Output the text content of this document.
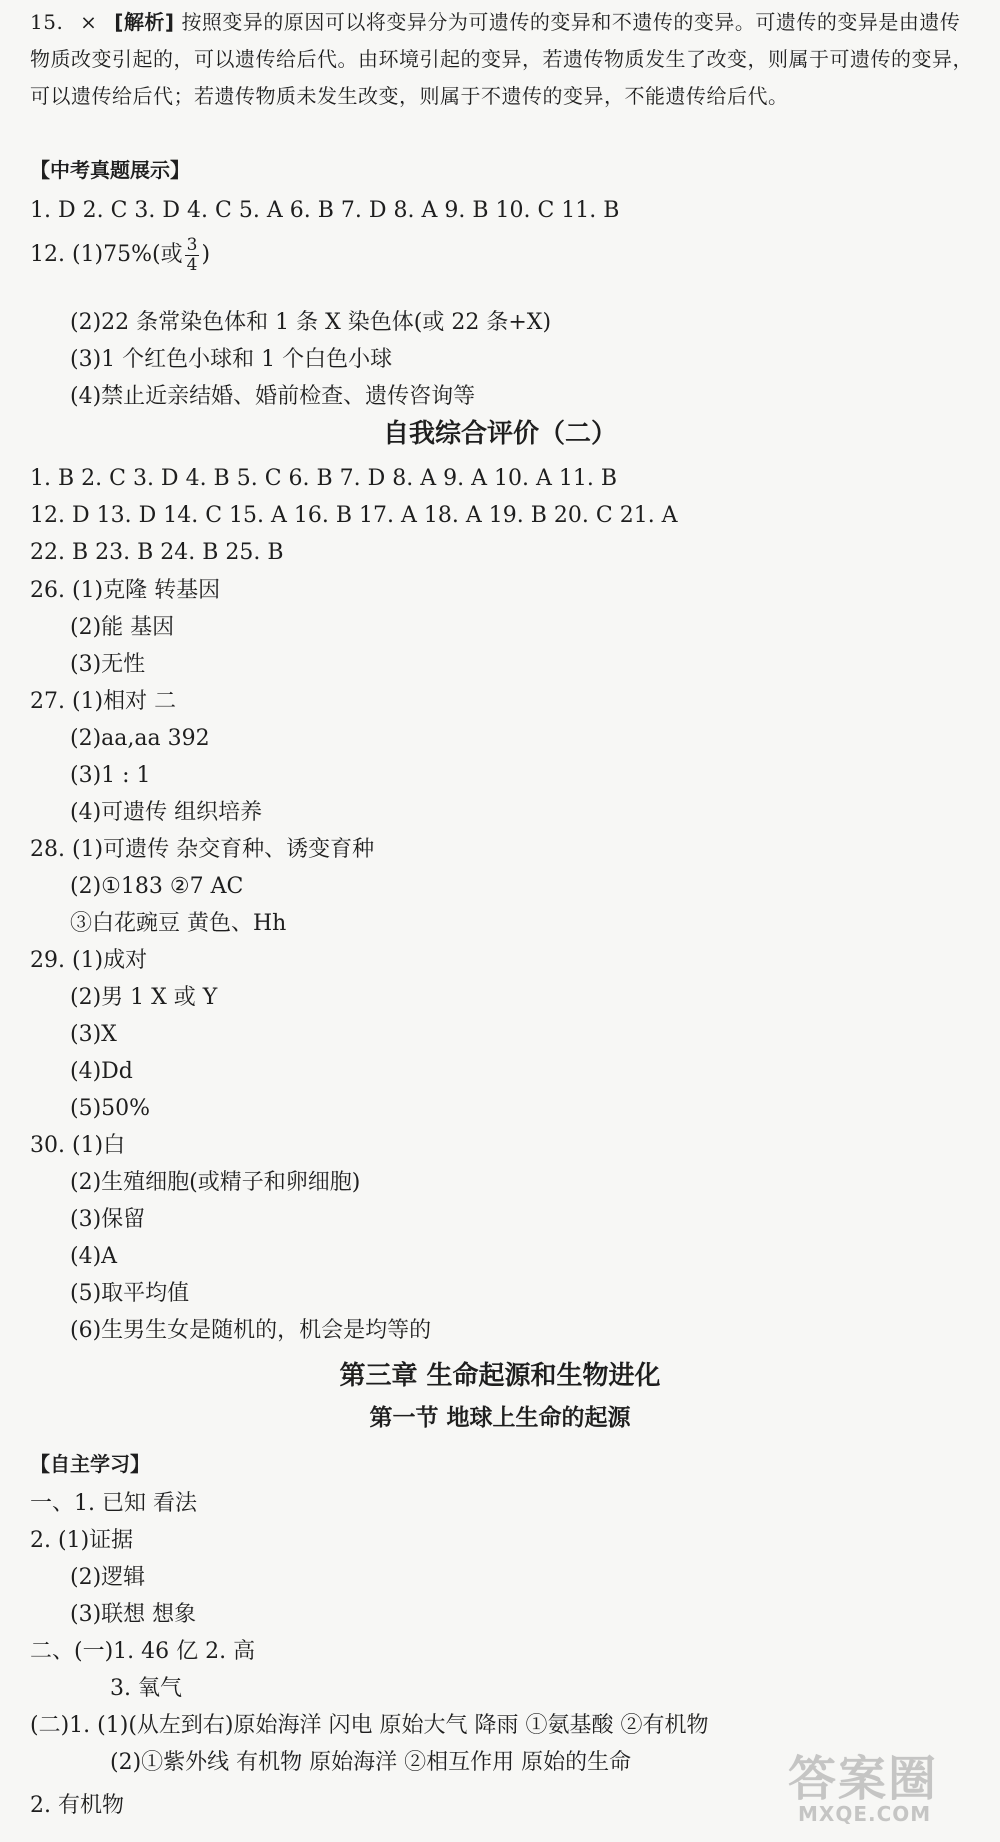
15. × [解析] 按照变异的原因可以将变异分为可遗传的变异和不遗传的变异。可遗传的变异是由遗传物质改变引起的，可以遗传给后代。由环境引起的变异，若遗传物质发生了改变，则属于可遗传的变异，可以遗传给后代；若遗传物质未发生改变，则属于不遗传的变异，不能遗传给后代。
【中考真题展示】
1. D 2. C 3. D 4. C 5. A 6. B 7. D 8. A 9. B 10. C 11. B
12. (1)75%(或 $\frac{3}{4}$ )
(2)22 条常染色体和 1 条 X 染色体(或 22 条+X)
(3)1 个红色小球和 1 个白色小球
(4)禁止近亲结婚、婚前检查、遗传咨询等
自我综合评价（二）
1. B 2. C 3. D 4. B 5. C 6. B 7. D 8. A 9. A 10. A 11. B
12. D 13. D 14. C 15. A 16. B 17. A 18. A 19. B 20. C 21. A
22. B 23. B 24. B 25. B
26. (1)克隆 转基因
(2)能 基因
(3)无性
27. (1)相对 二
(2)aa,aa 392
(3)1 : 1
(4)可遗传 组织培养
28. (1)可遗传 杂交育种、诱变育种
(2)①183 ②7 AC
③白花豌豆 黄色、Hh
29. (1)成对
(2)男 1 X 或 Y
(3)X
(4)Dd
(5)50%
30. (1)白
(2)生殖细胞(或精子和卵细胞)
(3)保留
(4)A
(5)取平均值
(6)生男生女是随机的，机会是均等的
第三章 生命起源和生物进化
第一节 地球上生命的起源
【自主学习】
一、1. 已知 看法
2. (1)证据
(2)逻辑
(3)联想 想象
二、(一)1. 46 亿 2. 高
3. 氧气
(二)1. (1)(从左到右)原始海洋 闪电 原始大气 降雨 ①氨基酸 ②有机物
(2)①紫外线 有机物 原始海洋 ②相互作用 原始的生命
2. 有机物	答案圈
MXQE.COM
